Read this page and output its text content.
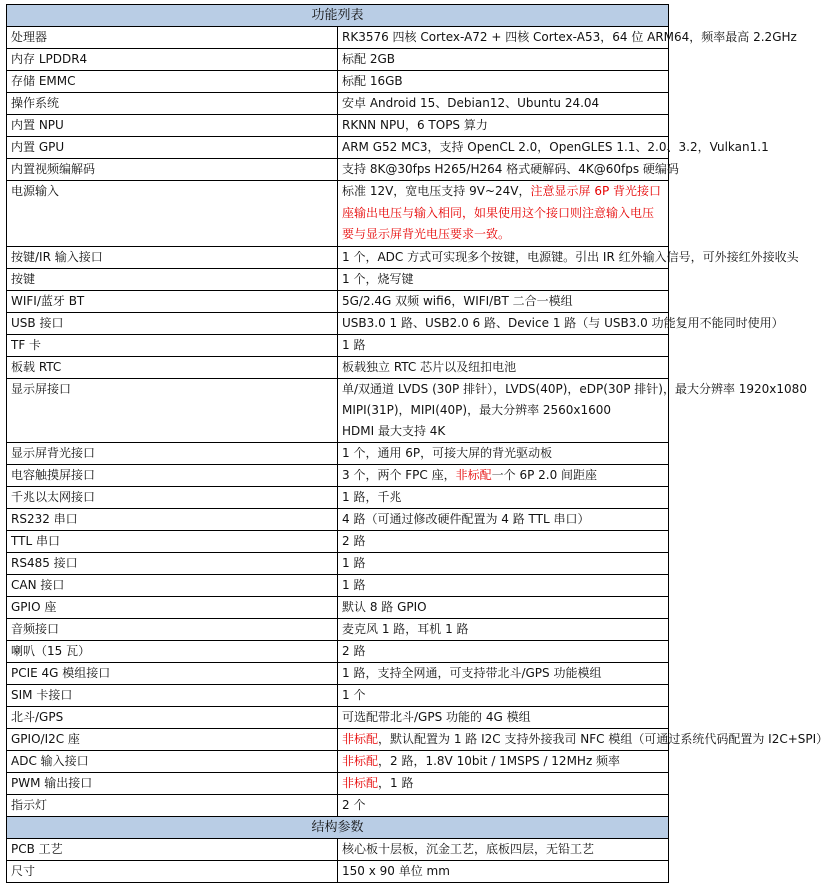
功能列表	
处理器	RK3576 四核 Cortex-A72 + 四核 Cortex-A53，64 位 ARM64，频率最高 2.2GHz
内存 LPDDR4	标配 2GB
存储 EMMC	标配 16GB
操作系统	安卓 Android 15、Debian12、Ubuntu 24.04
内置 NPU	RKNN NPU，6 TOPS 算力
内置 GPU	ARM G52 MC3，支持 OpenCL 2.0，OpenGLES 1.1、2.0、3.2，Vulkan1.1
内置视频编解码	支持 8K@30fps H265/H264 格式硬解码、4K@60fps 硬编码
电源输入	标准 12V，宽电压支持 9V~24V，注意显示屏 6P 背光接口座输出电压与输入相同，如果使用这个接口则注意输入电压要与显示屏背光电压要求一致。
按键/IR 输入接口	1 个，ADC 方式可实现多个按键，电源键。引出 IR 红外输入信号，可外接红外接收头
按键	1 个，烧写键
WIFI/蓝牙 BT	5G/2.4G 双频 wifi6，WIFI/BT 二合一模组
USB 接口	USB3.0 1 路、USB2.0 6 路、Device 1 路（与 USB3.0 功能复用不能同时使用）
TF 卡	1 路
板载 RTC	板载独立 RTC 芯片以及纽扣电池
显示屏接口	单/双通道 LVDS (30P 排针），LVDS(40P)，eDP(30P 排针)，最大分辨率 1920x1080
MIPI(31P)，MIPI(40P)，最大分辨率 2560x1600
HDMI 最大支持 4K

显示屏背光接口	1 个，通用 6P，可接大屏的背光驱动板
电容触摸屏接口	3 个，两个 FPC 座，非标配一个 6P 2.0 间距座
千兆以太网接口	1 路，千兆
RS232 串口	4 路（可通过修改硬件配置为 4 路 TTL 串口）
TTL 串口	2 路
RS485 接口	1 路
CAN 接口	1 路
GPIO 座	默认 8 路 GPIO
音频接口	麦克风 1 路，耳机 1 路
喇叭（15 瓦）	2 路
PCIE 4G 模组接口	1 路，支持全网通，可支持带北斗/GPS 功能模组
SIM 卡接口	1 个
北斗/GPS	可选配带北斗/GPS 功能的 4G 模组
GPIO/I2C 座	非标配，默认配置为 1 路 I2C 支持外接我司 NFC 模组（可通过系统代码配置为 I2C+SPI）
ADC 输入接口	非标配，2 路，1.8V 10bit / 1MSPS / 12MHz 频率
PWM 输出接口	非标配，1 路
指示灯	2 个
结构参数	
PCB 工艺	核心板十层板，沉金工艺，底板四层，无铅工艺
尺寸	150 x 90 单位 mm
